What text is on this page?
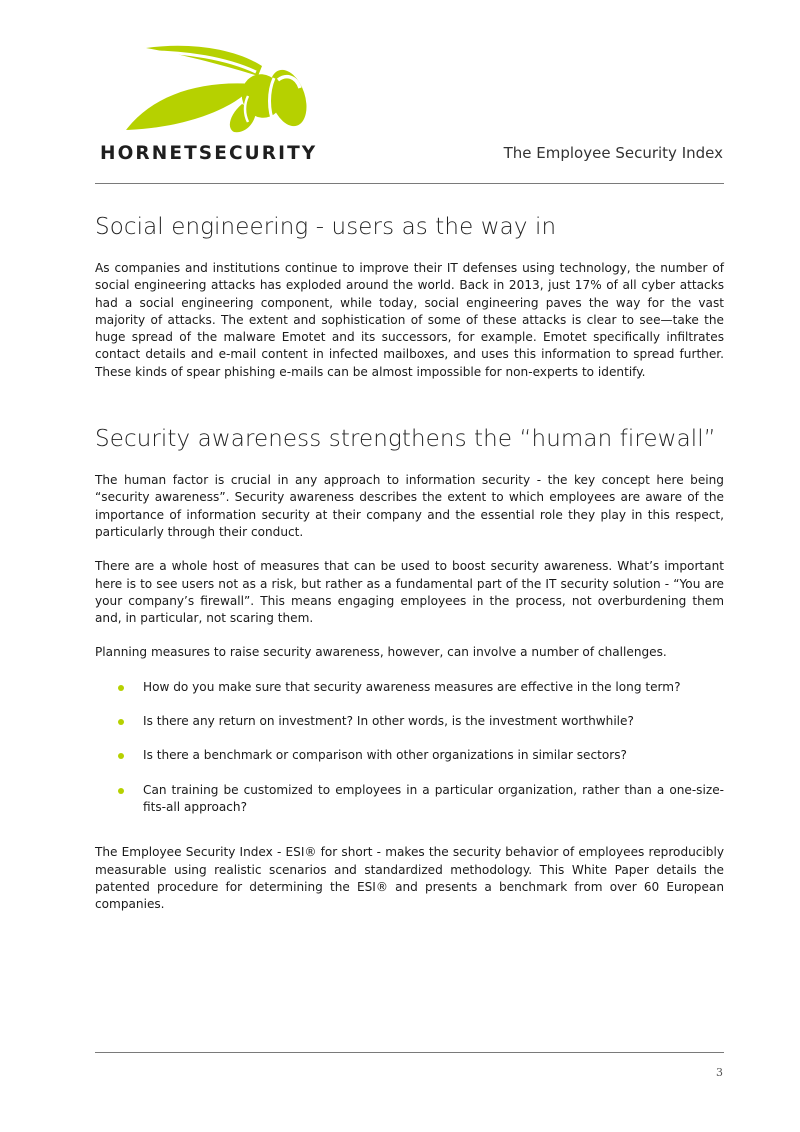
HORNETSECURITY	The Employee Security Index
Social engineering - users as the way in

As companies and institutions continue to improve their IT defenses using technology, the number of social engineering attacks has exploded around the world. Back in 2013, just 17% of all cyber attacks had a social engineering component, while today, social engineering paves the way for the vast majority of attacks. The extent and sophistication of some of these attacks is clear to see—take the huge spread of the malware Emotet and its successors, for example. Emotet specifically infiltrates contact details and e-mail content in infected mailboxes, and uses this information to spread further. These kinds of spear phishing e-mails can be almost impossible for non-experts to identify.

Security awareness strengthens the “human firewall”

The human factor is crucial in any approach to information security - the key concept here being “security awareness”. Security awareness describes the extent to which employees are aware of the importance of information security at their company and the essential role they play in this respect, particularly through their conduct.

There are a whole host of measures that can be used to boost security awareness. What’s important here is to see users not as a risk, but rather as a fundamental part of the IT security solution - “You are your company’s firewall”. This means engaging employees in the process, not overburdening them and, in particular, not scaring them.

Planning measures to raise security awareness, however, can involve a number of challenges.

How do you make sure that security awareness measures are effective in the long term?
Is there any return on investment? In other words, is the investment worthwhile?
Is there a benchmark or comparison with other organizations in similar sectors?
Can training be customized to employees in a particular organization, rather than a one-size-fits-all approach?

The Employee Security Index - ESI® for short - makes the security behavior of employees reproducibly measurable using realistic scenarios and standardized methodology. This White Paper details the patented procedure for determining the ESI® and presents a benchmark from over 60 European companies.

3
